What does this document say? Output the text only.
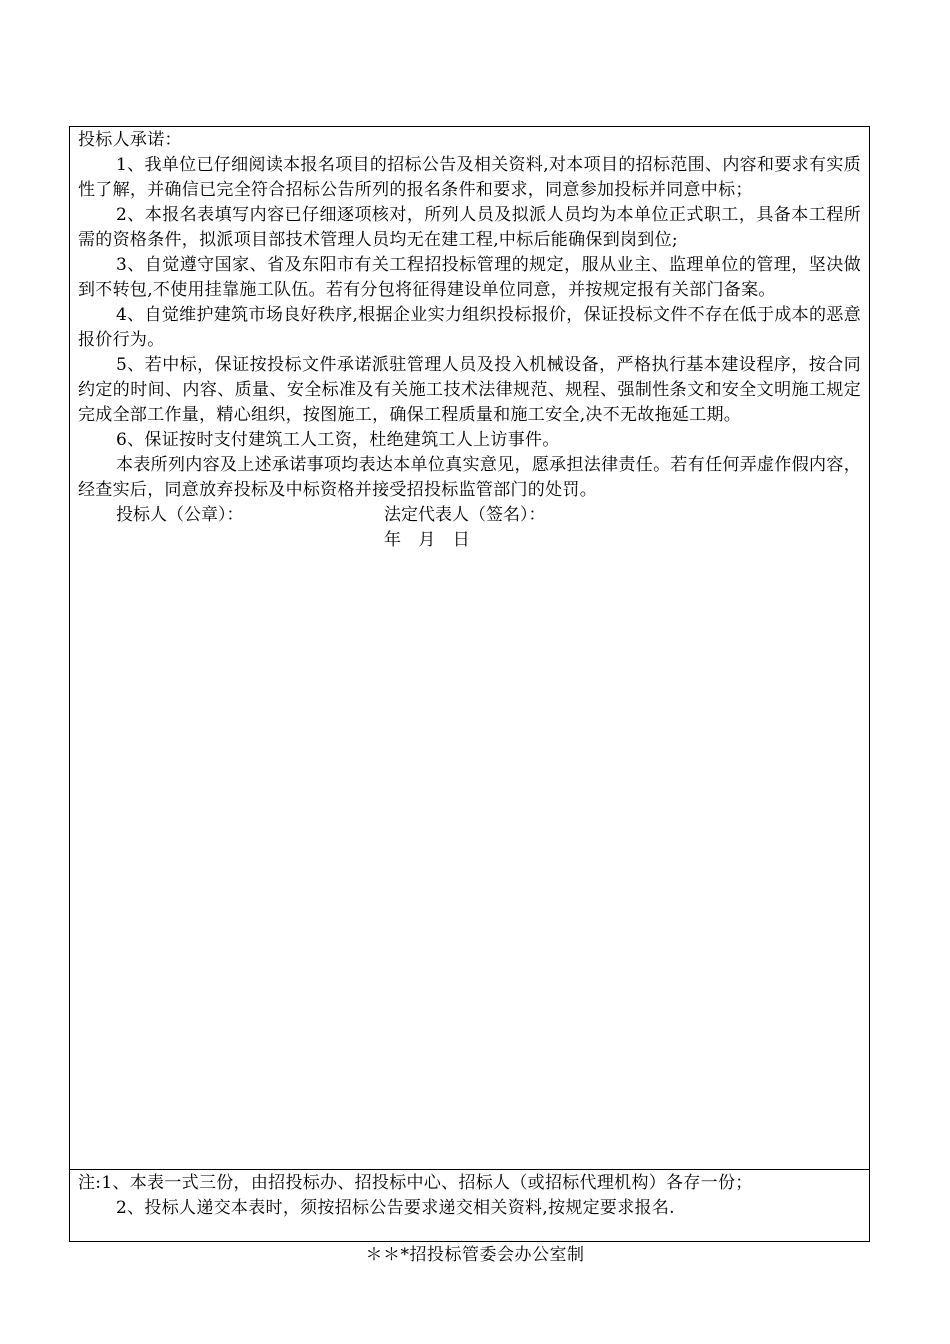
投标人承诺：

1、我单位已仔细阅读本报名项目的招标公告及相关资料,对本项目的招标范围、内容和要求有实质性了解，并确信已完全符合招标公告所列的报名条件和要求，同意参加投标并同意中标；

2、本报名表填写内容已仔细逐项核对，所列人员及拟派人员均为本单位正式职工，具备本工程所需的资格条件，拟派项目部技术管理人员均无在建工程,中标后能确保到岗到位;

3、自觉遵守国家、省及东阳市有关工程招投标管理的规定，服从业主、监理单位的管理，坚决做到不转包,不使用挂靠施工队伍。若有分包将征得建设单位同意，并按规定报有关部门备案。

4、自觉维护建筑市场良好秩序,根据企业实力组织投标报价，保证投标文件不存在低于成本的恶意报价行为。

5、若中标，保证按投标文件承诺派驻管理人员及投入机械设备，严格执行基本建设程序，按合同约定的时间、内容、质量、安全标准及有关施工技术法律规范、规程、强制性条文和安全文明施工规定完成全部工作量，精心组织，按图施工，确保工程质量和施工安全,决不无故拖延工期。

6、保证按时支付建筑工人工资，杜绝建筑工人上访事件。

本表所列内容及上述承诺事项均表达本单位真实意见，愿承担法律责任。若有任何弄虚作假内容，经查实后，同意放弃投标及中标资格并接受招投标监管部门的处罚。

投标人（公章）：	法定代表人（签名）：
年 月 日

注:1、本表一式三份，由招投标办、招投标中心、招标人（或招标代理机构）各存一份；

2、投标人递交本表时，须按招标公告要求递交相关资料,按规定要求报名.

＊＊*招投标管委会办公室制
